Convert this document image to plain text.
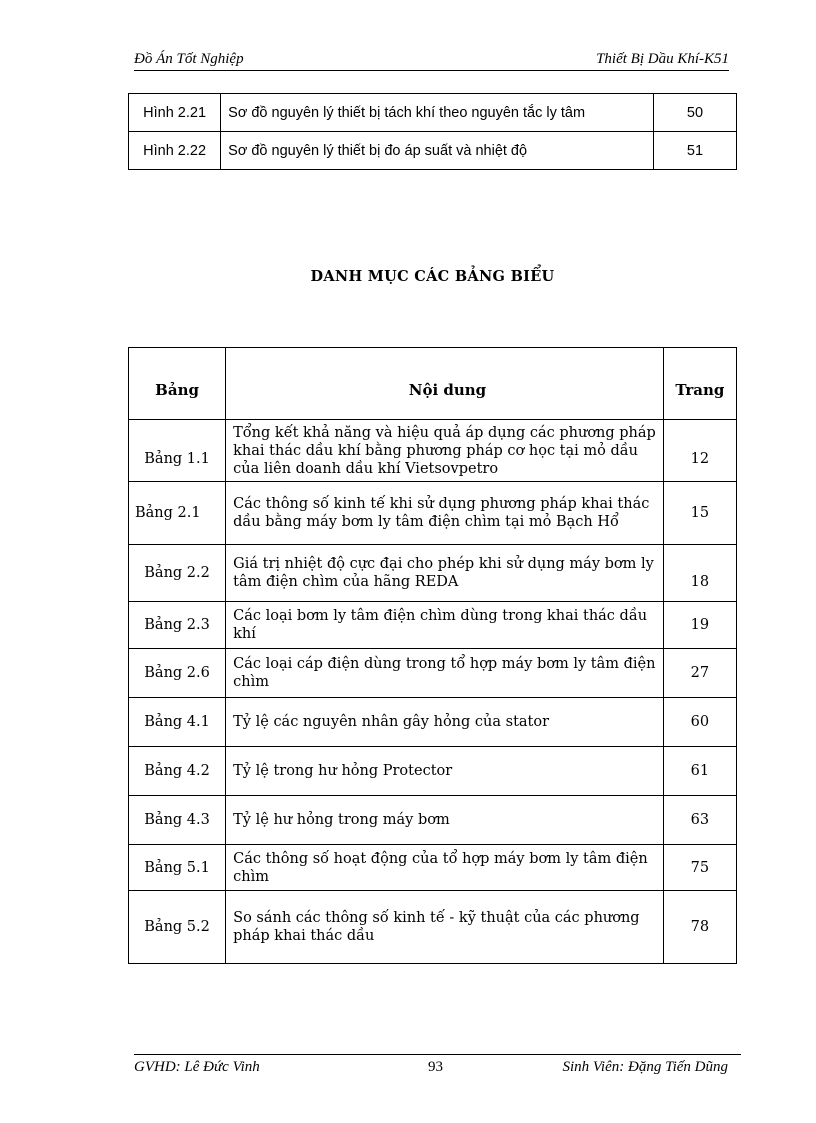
Đồ Án Tốt Nghiệp	Thiết Bị Dầu Khí-K51
Hình 2.21	Sơ đồ nguyên lý thiết bị tách khí theo nguyên tắc ly tâm	50
Hình 2.22	Sơ đồ nguyên lý thiết bị đo áp suất và nhiệt độ	51
DANH MỤC CÁC BẢNG BIỂU
Bảng	Nội dung	Trang
Bảng 1.1	Tổng kết khả năng và hiệu quả áp dụng các phương pháp khai thác dầu khí bằng phương pháp cơ học tại mỏ dầu của liên doanh dầu khí Vietsovpetro	12
Bảng 2.1	Các thông số kinh tế khi sử dụng phương pháp khai thác dầu bằng máy bơm ly tâm điện chìm tại mỏ Bạch Hổ	15
Bảng 2.2	Giá trị nhiệt độ cực đại cho phép khi sử dụng máy bơm ly tâm điện chìm của hãng REDA	18
Bảng 2.3	Các loại bơm ly tâm điện chìm dùng trong khai thác dầu khí	19
Bảng 2.6	Các loại cáp điện dùng trong tổ hợp máy bơm ly tâm điện chìm	27
Bảng 4.1	Tỷ lệ các nguyên nhân gây hỏng của stator	60
Bảng 4.2	Tỷ lệ trong hư hỏng Protector	61
Bảng 4.3	Tỷ lệ hư hỏng trong máy bơm	63
Bảng 5.1	Các thông số hoạt động của tổ hợp máy bơm ly tâm điện chìm	75
Bảng 5.2	So sánh các thông số kinh tế - kỹ thuật của các phương pháp khai thác dầu	78
GVHD: Lê Đức Vinh	93	Sinh Viên: Đặng Tiến Dũng
